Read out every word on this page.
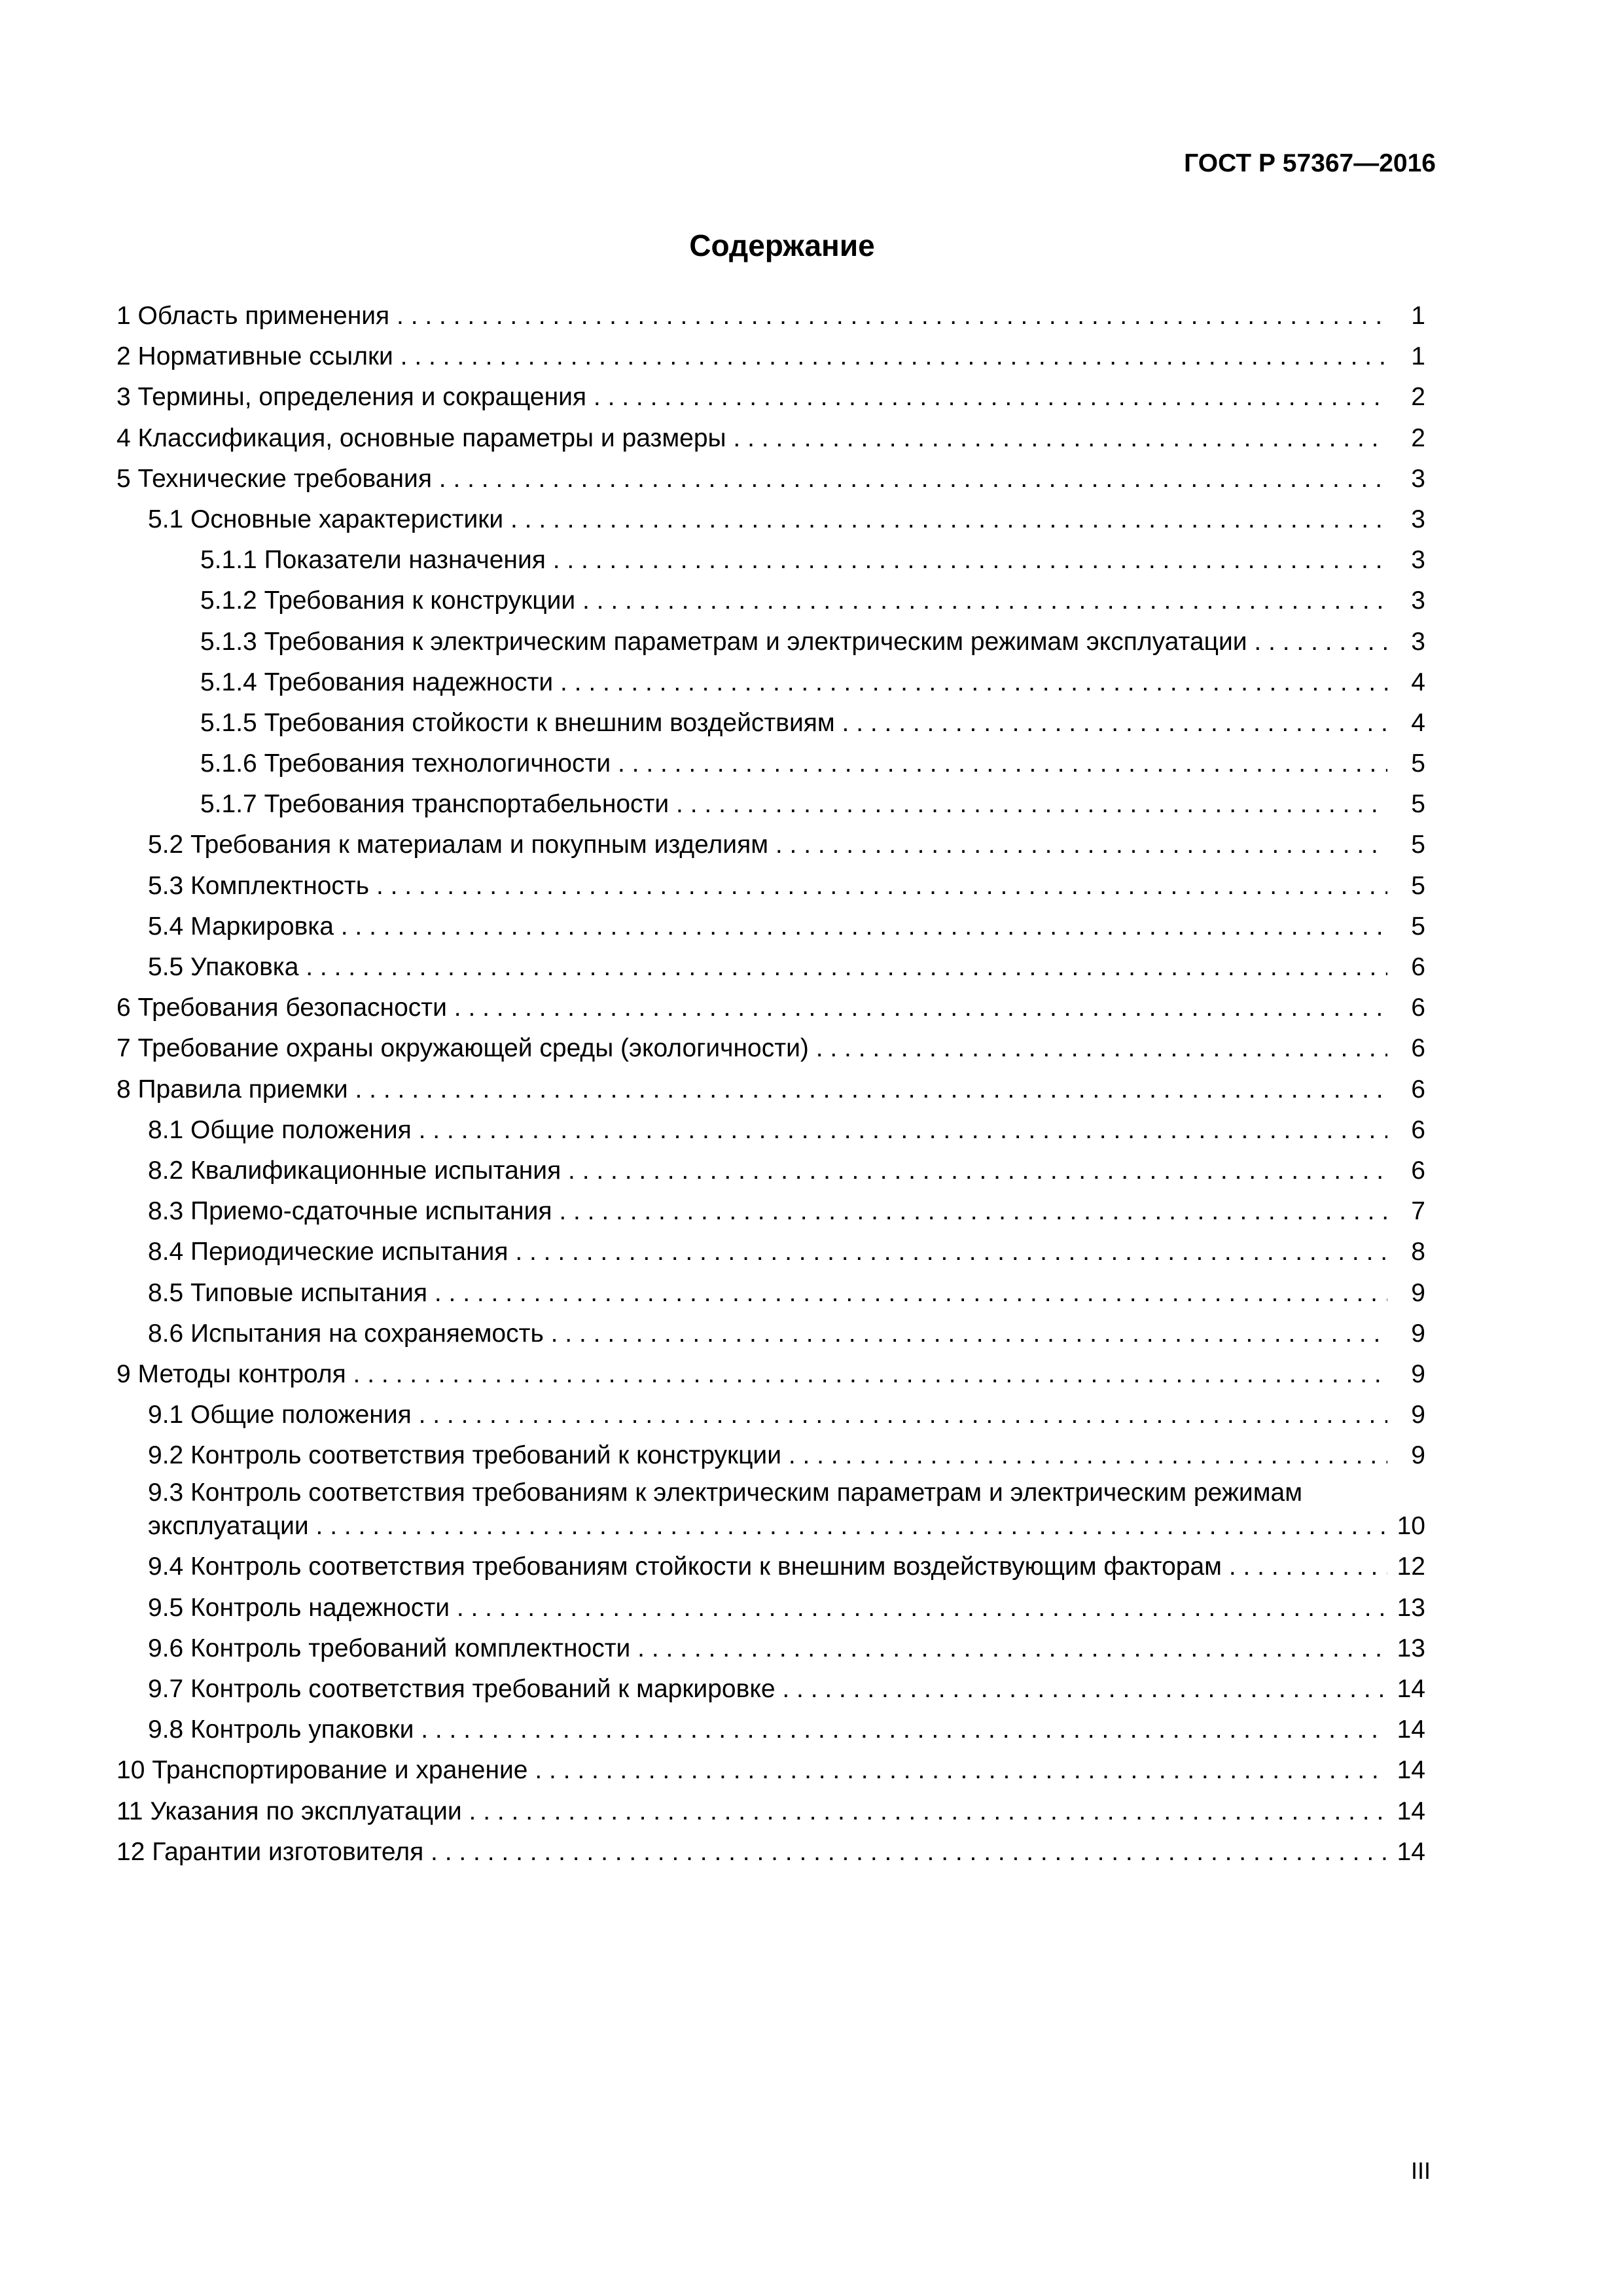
ГОСТ Р 57367—2016
Содержание
1 Область применения . . .	1
2 Нормативные ссылки . . .	1
3 Термины, определения и сокращения . . .	2
4 Классификация, основные параметры и размеры . . .	2
5 Технические требования . . .	3
5.1 Основные характеристики . . .	3
5.1.1 Показатели назначения . . .	3
5.1.2 Требования к конструкции . . .	3
5.1.3 Требования к электрическим параметрам и электрическим режимам эксплуатации . . .	3
5.1.4 Требования надежности . . .	4
5.1.5 Требования стойкости к внешним воздействиям . . .	4
5.1.6 Требования технологичности . . .	5
5.1.7 Требования транспортабельности . . .	5
5.2 Требования к материалам и покупным изделиям . . .	5
5.3 Комплектность . . .	5
5.4 Маркировка . . .	5
5.5 Упаковка . . .	6
6 Требования безопасности . . .	6
7 Требование охраны окружающей среды (экологичности) . . .	6
8 Правила приемки . . .	6
8.1 Общие положения . . .	6
8.2 Квалификационные испытания . . .	6
8.3 Приемо-сдаточные испытания . . .	7
8.4 Периодические испытания . . .	8
8.5 Типовые испытания . . .	9
8.6 Испытания на сохраняемость . . .	9
9 Методы контроля . . .	9
9.1 Общие положения . . .	9
9.2 Контроль соответствия требований к конструкции . . .	9
9.3 Контроль соответствия требованиям к электрическим параметрам и электрическим режимам
эксплуатации . . .	10
9.4 Контроль соответствия требованиям стойкости к внешним воздействующим факторам . . .	12
9.5 Контроль надежности . . .	13
9.6 Контроль требований комплектности . . .	13
9.7 Контроль соответствия требований к маркировке . . .	14
9.8 Контроль упаковки . . .	14
10 Транспортирование и хранение . . .	14
11 Указания по эксплуатации . . .	14
12 Гарантии изготовителя . . .	14
III
